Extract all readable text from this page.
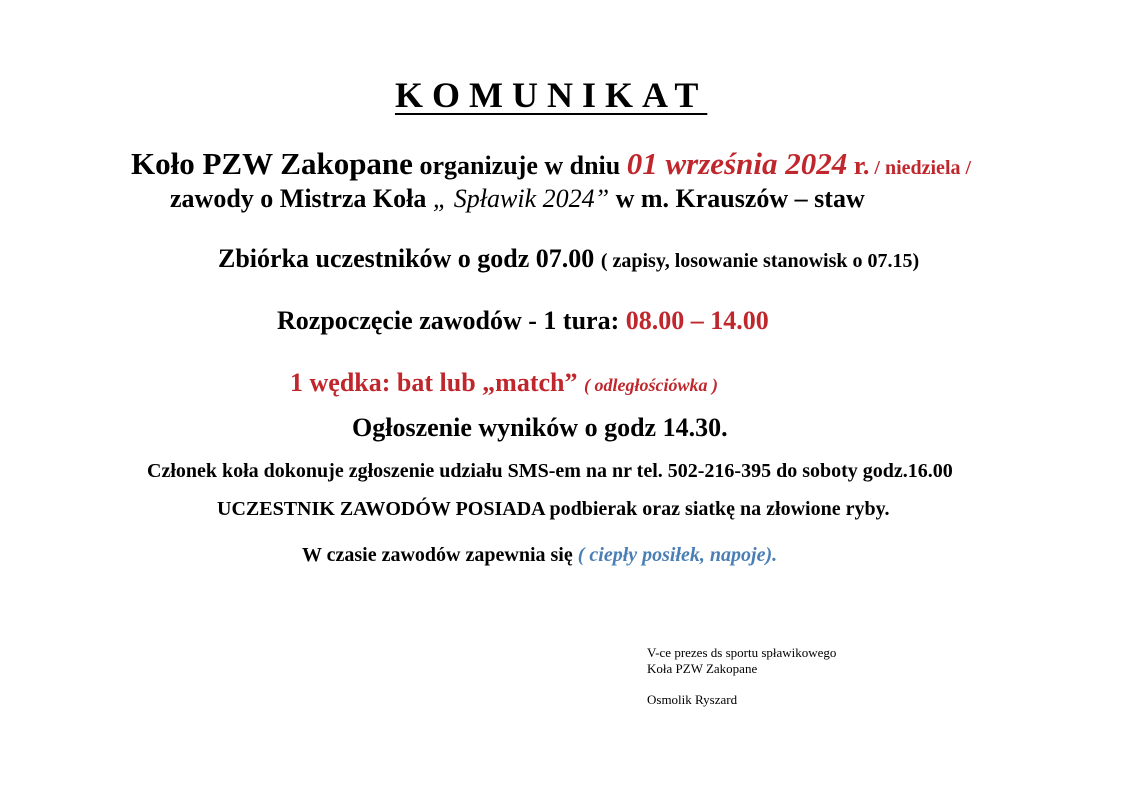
KOMUNIKAT
Koło PZW Zakopane organizuje w dniu 01 września 2024 r. / niedziela /
zawody o Mistrza Koła „ Spławik 2024” w m. Krauszów – staw
Zbiórka uczestników o godz 07.00 ( zapisy, losowanie stanowisk o 07.15)
Rozpoczęcie zawodów - 1 tura: 08.00 – 14.00
1 wędka: bat lub „match” ( odległościówka )
Ogłoszenie wyników o godz 14.30.
Członek koła dokonuje zgłoszenie udziału SMS-em na nr tel. 502-216-395 do soboty godz.16.00
UCZESTNIK ZAWODÓW POSIADA podbierak oraz siatkę na złowione ryby.
W czasie zawodów zapewnia się ( ciepły posiłek, napoje).
V-ce prezes ds sportu spławikowego
Koła PZW Zakopane
Osmolik Ryszard
